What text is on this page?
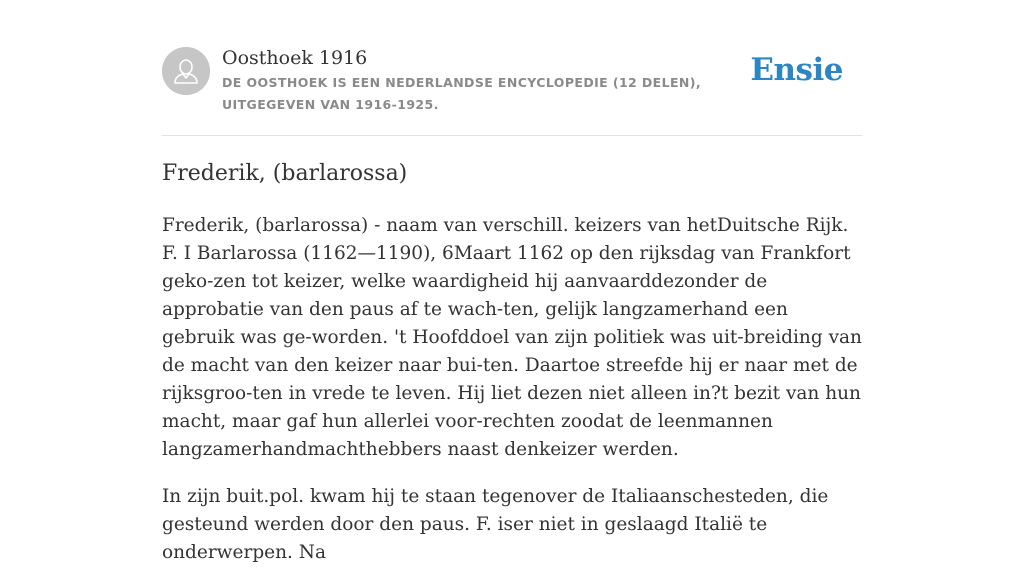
Oosthoek 1916
DE OOSTHOEK IS EEN NEDERLANDSE ENCYCLOPEDIE (12 DELEN), UITGEGEVEN VAN 1916-1925.
Ensie
Frederik, (barlarossa)

Frederik, (barlarossa) - naam van verschill. keizers van hetDuitsche Rijk. F. I Barlarossa (1162—1190), 6Maart 1162 op den rijksdag van Frankfort geko-zen tot keizer, welke waardigheid hij aanvaarddezonder de approbatie van den paus af te wach-ten, gelijk langzamerhand een gebruik was ge-worden. 't Hoofddoel van zijn politiek was uit-breiding van de macht van den keizer naar bui-ten. Daartoe streefde hij er naar met de rijksgroo-ten in vrede te leven. Hij liet dezen niet alleen in?t bezit van hun macht, maar gaf hun allerlei voor-rechten zoodat de leenmannen langzamerhandmachthebbers naast denkeizer werden.

In zijn buit.pol. kwam hij te staan tegenover de Italiaanschesteden, die gesteund werden door den paus. F. iser niet in geslaagd Italië te onderwerpen. Na
